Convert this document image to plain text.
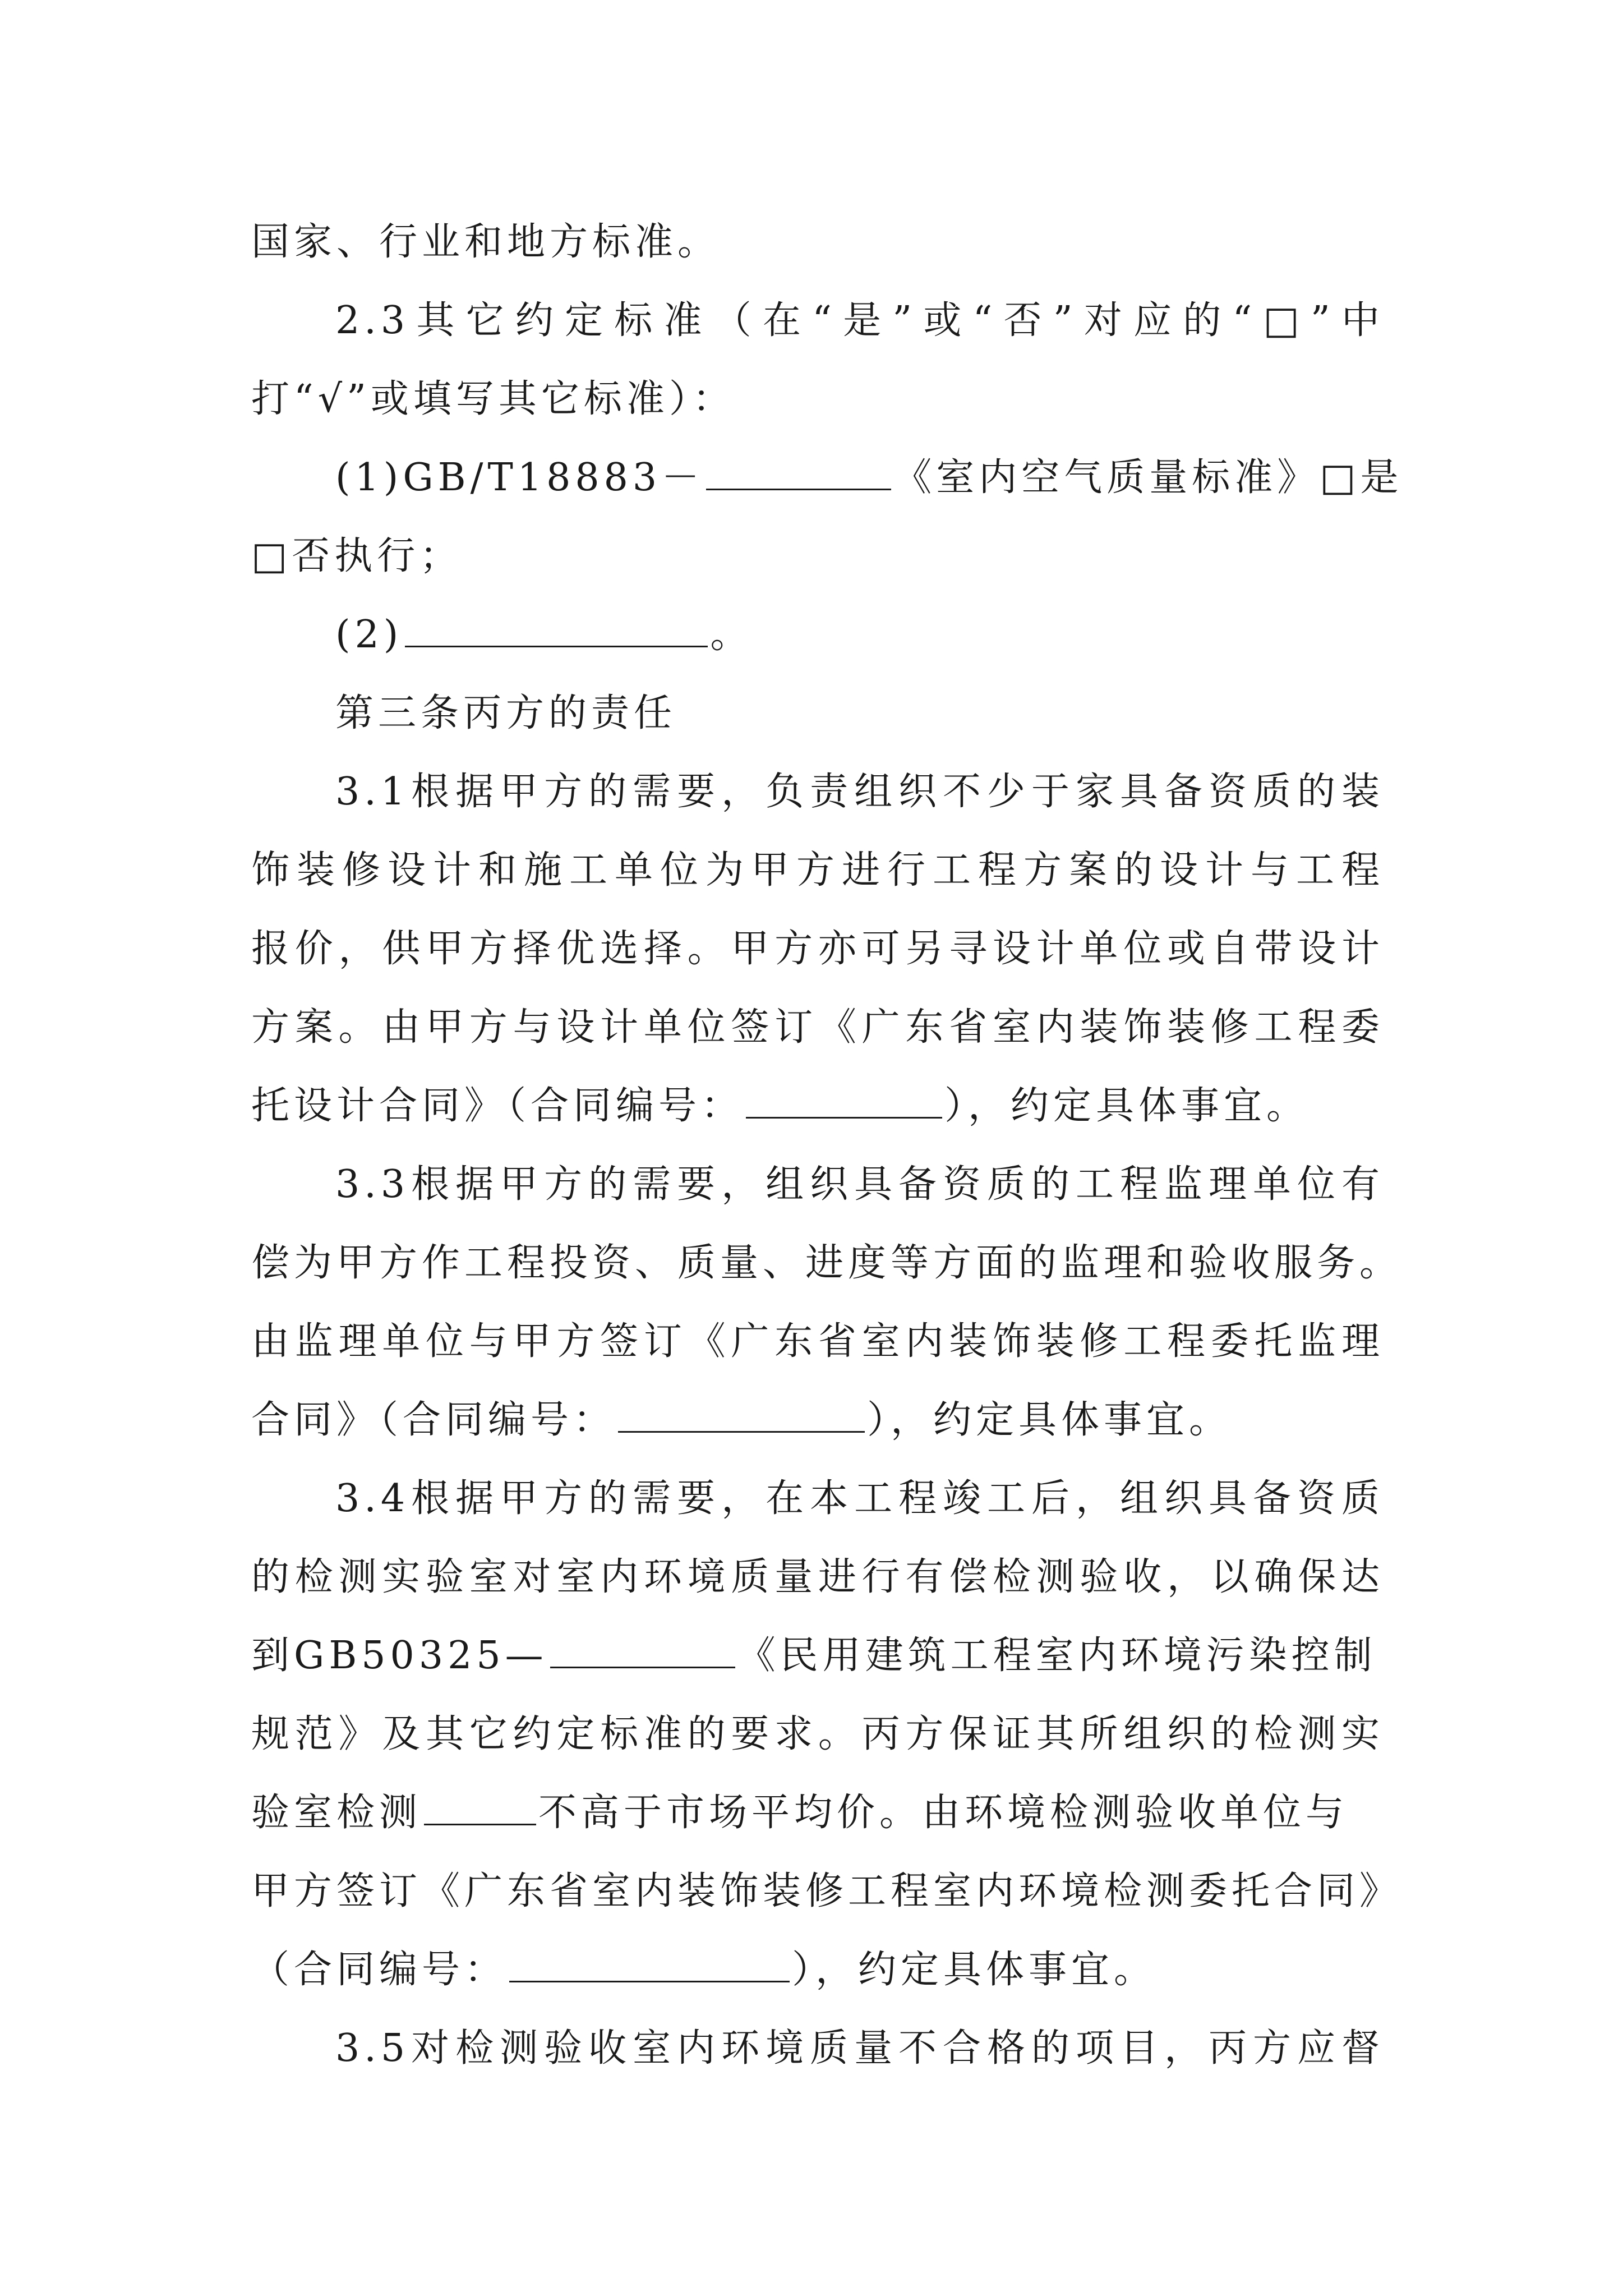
国家、行业和地方标准。
2.3其它约定标准（在“是”或“否”对应的“□”中
打“√”或填写其它标准）：
(1)GB/T18883－	《室内空气质量标准》□是
□否执行；
(2)	。
第三条丙方的责任
3.1根据甲方的需要，负责组织不少于家具备资质的装
饰装修设计和施工单位为甲方进行工程方案的设计与工程
报价，供甲方择优选择。甲方亦可另寻设计单位或自带设计
方案。由甲方与设计单位签订《广东省室内装饰装修工程委
托设计合同》（合同编号：	），约定具体事宜。
3.3根据甲方的需要，组织具备资质的工程监理单位有
偿为甲方作工程投资、质量、进度等方面的监理和验收服务。
由监理单位与甲方签订《广东省室内装饰装修工程委托监理
合同》（合同编号：	），约定具体事宜。
3.4根据甲方的需要，在本工程竣工后，组织具备资质
的检测实验室对室内环境质量进行有偿检测验收，以确保达
到GB50325—	《民用建筑工程室内环境污染控制
规范》及其它约定标准的要求。丙方保证其所组织的检测实
验室检测	不高于市场平均价。由环境检测验收单位与
甲方签订《广东省室内装饰装修工程室内环境检测委托合同》
（合同编号：	），约定具体事宜。
3.5对检测验收室内环境质量不合格的项目，丙方应督
